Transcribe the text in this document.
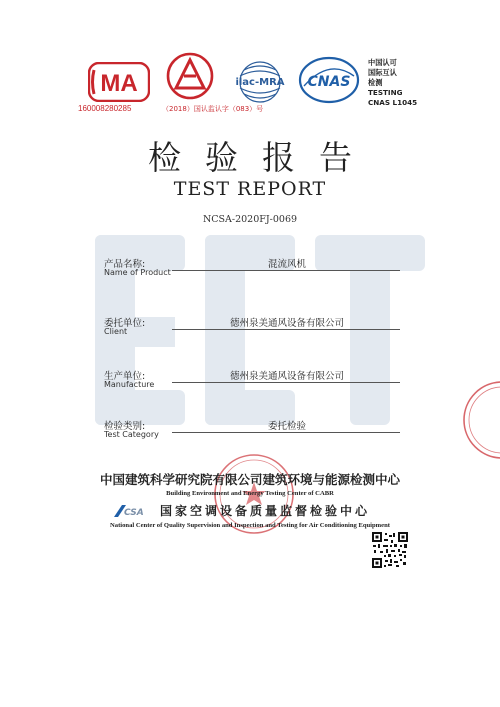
MA
160008280285	（2018）国认监认字（083）号
ilac-MRA CNAS
中国认可
国际互认
检测
TESTING
CNAS L1045
检验报告
TEST REPORT
NCSA-2020FJ-0069
产品名称:
Name of Product
混流风机
委托单位:
Client
德州泉美通风设备有限公司
生产单位:
Manufacture
德州泉美通风设备有限公司
检验类别:
Test Category
委托检验
中国建筑科学研究院有限公司建筑环境与能源检测中心
Building Environment and Energy Testing Center of CABR
CSA 国家空调设备质量监督检验中心
National Center of Quality Supervision and Inspection and Testing for Air Conditioning Equipment
